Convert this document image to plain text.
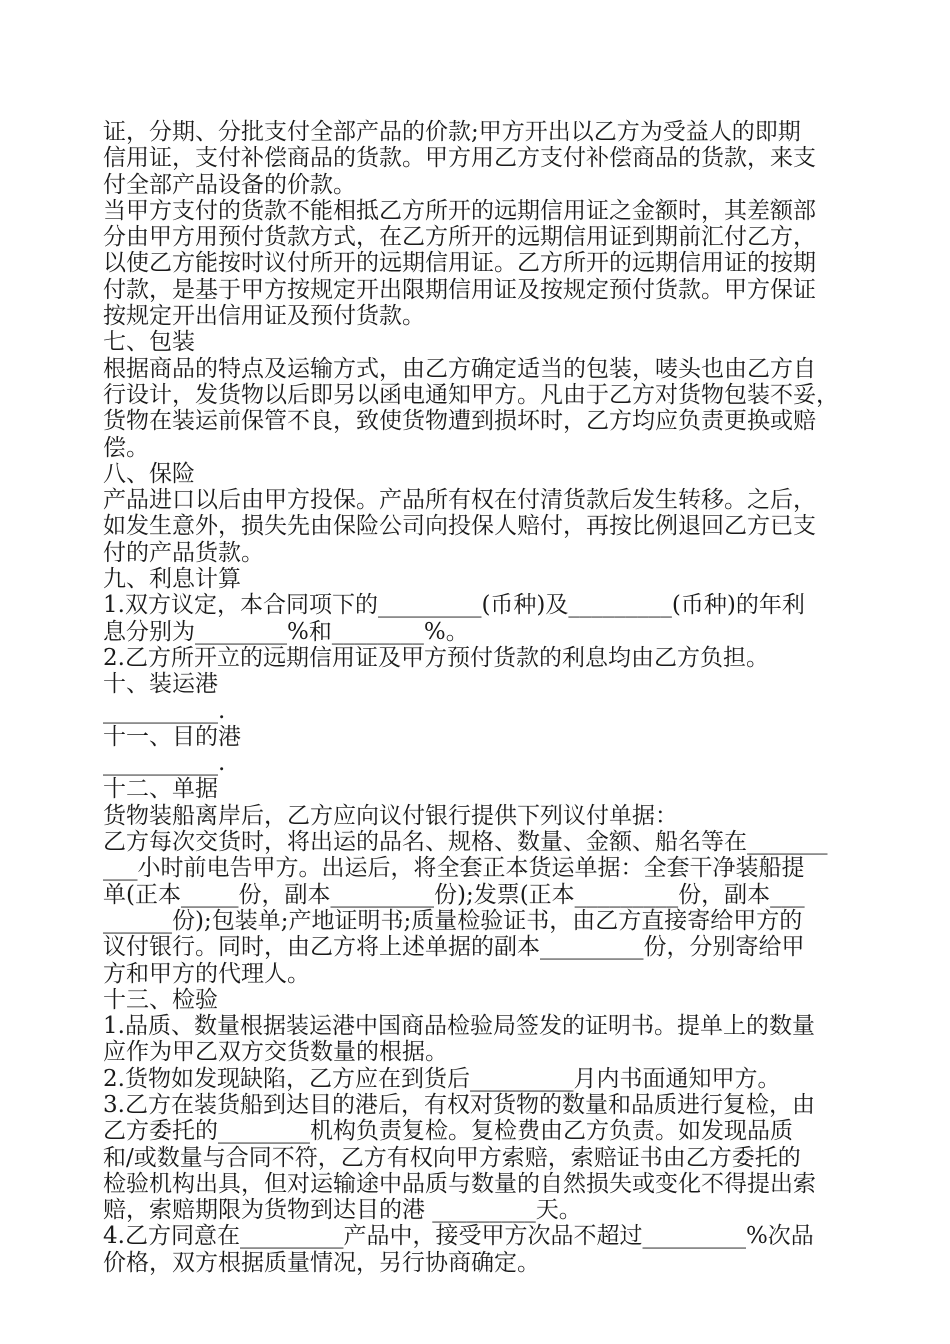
证，分期、分批支付全部产品的价款;甲方开出以乙方为受益人的即期
信用证，支付补偿商品的货款。甲方用乙方支付补偿商品的货款，来支
付全部产品设备的价款。
当甲方支付的货款不能相抵乙方所开的远期信用证之金额时，其差额部
分由甲方用预付货款方式，在乙方所开的远期信用证到期前汇付乙方，
以使乙方能按时议付所开的远期信用证。乙方所开的远期信用证的按期
付款，是基于甲方按规定开出限期信用证及按规定预付货款。甲方保证
按规定开出信用证及预付货款。
七、包装
根据商品的特点及运输方式，由乙方确定适当的包装，唛头也由乙方自
行设计，发货物以后即另以函电通知甲方。凡由于乙方对货物包装不妥，
货物在装运前保管不良，致使货物遭到损坏时，乙方均应负责更换或赔
偿。
八、保险
产品进口以后由甲方投保。产品所有权在付清货款后发生转移。之后，
如发生意外，损失先由保险公司向投保人赔付，再按比例退回乙方已支
付的产品货款。
九、利息计算
1.双方议定，本合同项下的_________(币种)及_________(币种)的年利
息分别为________%和________%。
2.乙方所开立的远期信用证及甲方预付货款的利息均由乙方负担。
十、装运港
__________.
十一、目的港
__________.
十二、单据
货物装船离岸后，乙方应向议付银行提供下列议付单据：
乙方每次交货时，将出运的品名、规格、数量、金额、船名等在_______
___小时前电告甲方。出运后，将全套正本货运单据：全套干净装船提
单(正本_____份，副本_________份);发票(正本_________份，副本___
______份);包装单;产地证明书;质量检验证书，由乙方直接寄给甲方的
议付银行。同时，由乙方将上述单据的副本_________份，分别寄给甲
方和甲方的代理人。
十三、检验
1.品质、数量根据装运港中国商品检验局签发的证明书。提单上的数量
应作为甲乙双方交货数量的根据。
2.货物如发现缺陷，乙方应在到货后_________月内书面通知甲方。
3.乙方在装货船到达目的港后，有权对货物的数量和品质进行复检，由
乙方委托的________机构负责复检。复检费由乙方负责。如发现品质
和/或数量与合同不符，乙方有权向甲方索赔，索赔证书由乙方委托的
检验机构出具，但对运输途中品质与数量的自然损失或变化不得提出索
赔，索赔期限为货物到达目的港 _________天。
4.乙方同意在_________产品中，接受甲方次品不超过_________%次品
价格，双方根据质量情况，另行协商确定。
